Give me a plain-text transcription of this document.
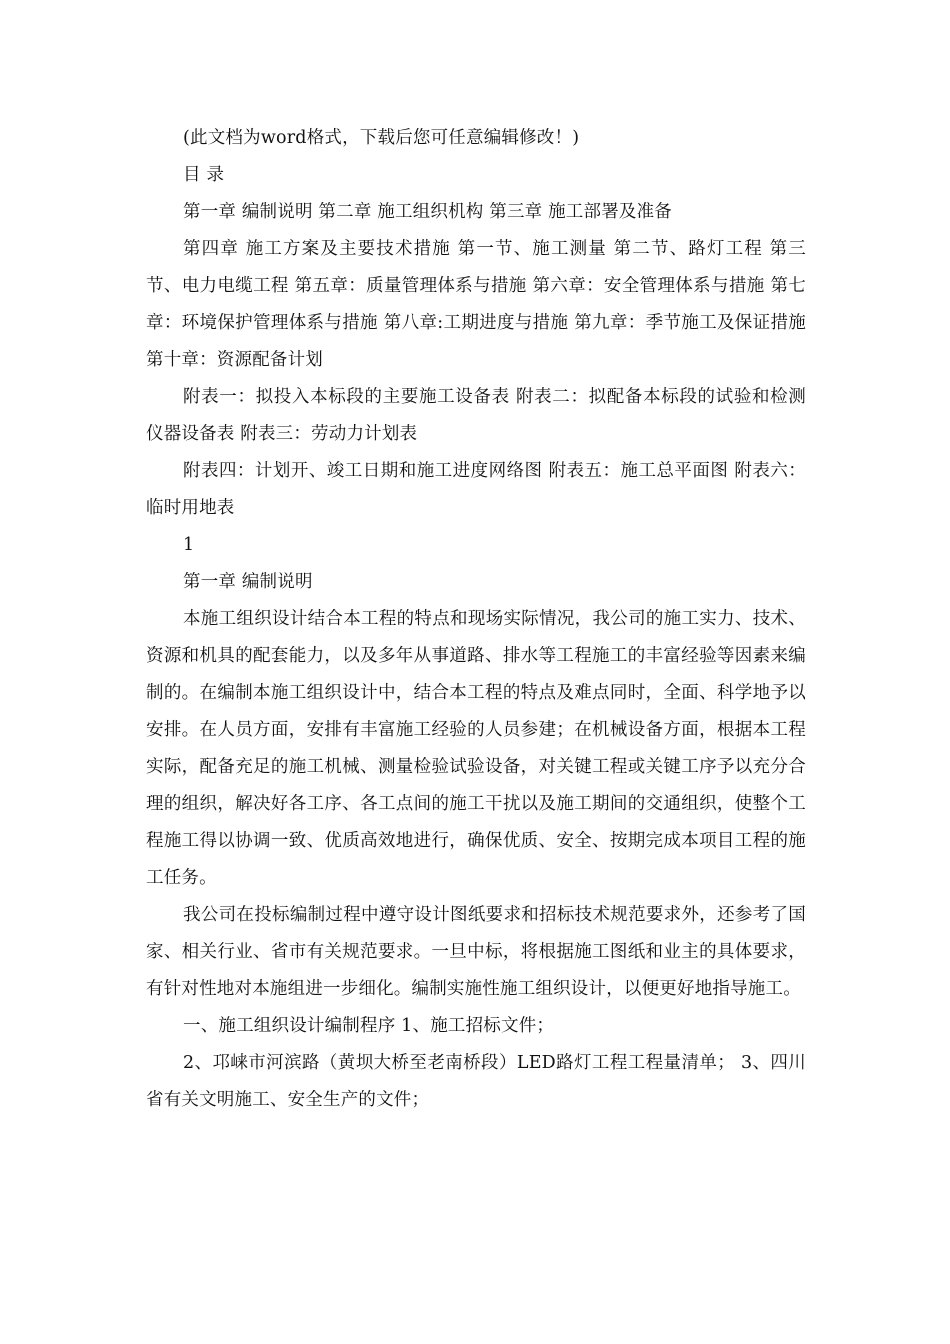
(此文档为word格式，下载后您可任意编辑修改！)

目 录

第一章 编制说明 第二章 施工组织机构 第三章 施工部署及准备

第四章 施工方案及主要技术措施 第一节、施工测量 第二节、路灯工程 第三节、电力电缆工程 第五章：质量管理体系与措施 第六章：安全管理体系与措施 第七章：环境保护管理体系与措施 第八章:工期进度与措施 第九章：季节施工及保证措施 第十章：资源配备计划

附表一：拟投入本标段的主要施工设备表 附表二：拟配备本标段的试验和检测仪器设备表 附表三：劳动力计划表

附表四：计划开、竣工日期和施工进度网络图 附表五：施工总平面图 附表六：临时用地表

1

第一章 编制说明

本施工组织设计结合本工程的特点和现场实际情况，我公司的施工实力、技术、资源和机具的配套能力，以及多年从事道路、排水等工程施工的丰富经验等因素来编制的。在编制本施工组织设计中，结合本工程的特点及难点同时，全面、科学地予以安排。在人员方面，安排有丰富施工经验的人员参建；在机械设备方面，根据本工程实际，配备充足的施工机械、测量检验试验设备，对关键工程或关键工序予以充分合理的组织，解决好各工序、各工点间的施工干扰以及施工期间的交通组织，使整个工程施工得以协调一致、优质高效地进行，确保优质、安全、按期完成本项目工程的施工任务。

我公司在投标编制过程中遵守设计图纸要求和招标技术规范要求外，还参考了国家、相关行业、省市有关规范要求。一旦中标，将根据施工图纸和业主的具体要求，有针对性地对本施组进一步细化。编制实施性施工组织设计，以便更好地指导施工。

一、施工组织设计编制程序 1、施工招标文件；

2、邛崃市河滨路（黄坝大桥至老南桥段）LED路灯工程工程量清单； 3、四川省有关文明施工、安全生产的文件；
